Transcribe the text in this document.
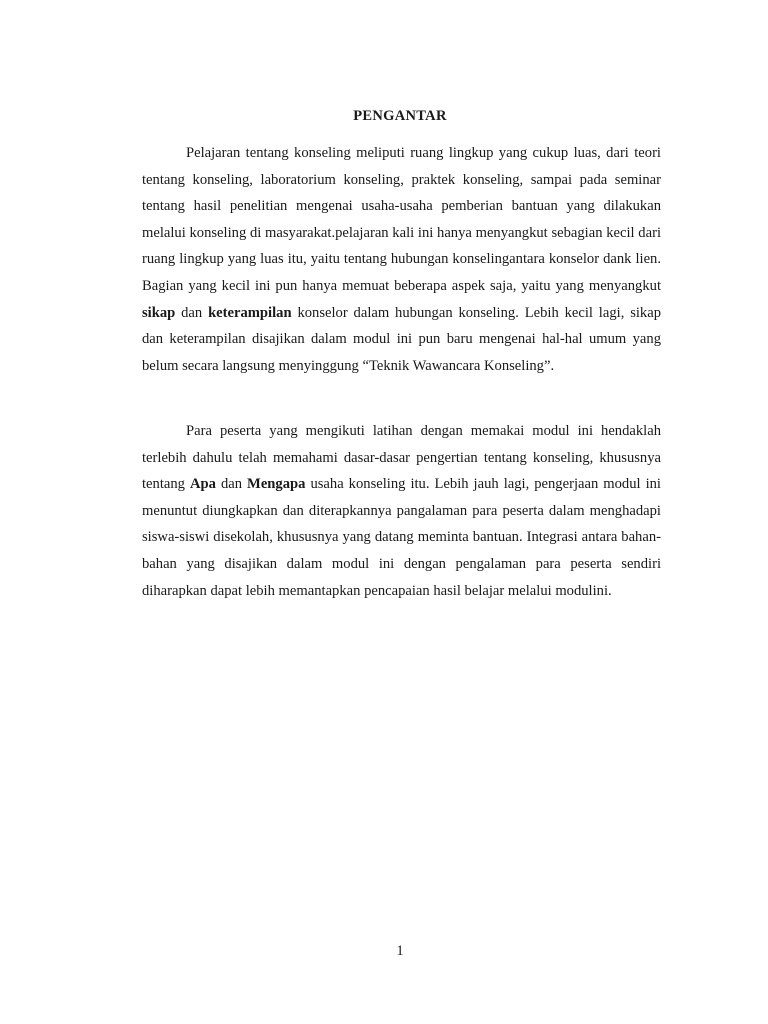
PENGANTAR

Pelajaran tentang konseling meliputi ruang lingkup yang cukup luas, dari teori tentang konseling, laboratorium konseling, praktek konseling, sampai pada seminar tentang hasil penelitian mengenai usaha-usaha pemberian bantuan yang dilakukan melalui konseling di masyarakat.pelajaran kali ini hanya menyangkut sebagian kecil dari ruang lingkup yang luas itu, yaitu tentang hubungan konselingantara konselor dank lien. Bagian yang kecil ini pun hanya memuat beberapa aspek saja, yaitu yang menyangkut sikap dan keterampilan konselor dalam hubungan konseling. Lebih kecil lagi, sikap dan keterampilan disajikan dalam modul ini pun baru mengenai hal-hal umum yang belum secara langsung menyinggung “Teknik Wawancara Konseling”.

Para peserta yang mengikuti latihan dengan memakai modul ini hendaklah terlebih dahulu telah memahami dasar-dasar pengertian tentang konseling, khususnya tentang Apa dan Mengapa usaha konseling itu. Lebih jauh lagi, pengerjaan modul ini menuntut diungkapkan dan diterapkannya pangalaman para peserta dalam menghadapi siswa-siswi disekolah, khususnya yang datang meminta bantuan. Integrasi antara bahan-bahan yang disajikan dalam modul ini dengan pengalaman para peserta sendiri diharapkan dapat lebih memantapkan pencapaian hasil belajar melalui modulini.

1
